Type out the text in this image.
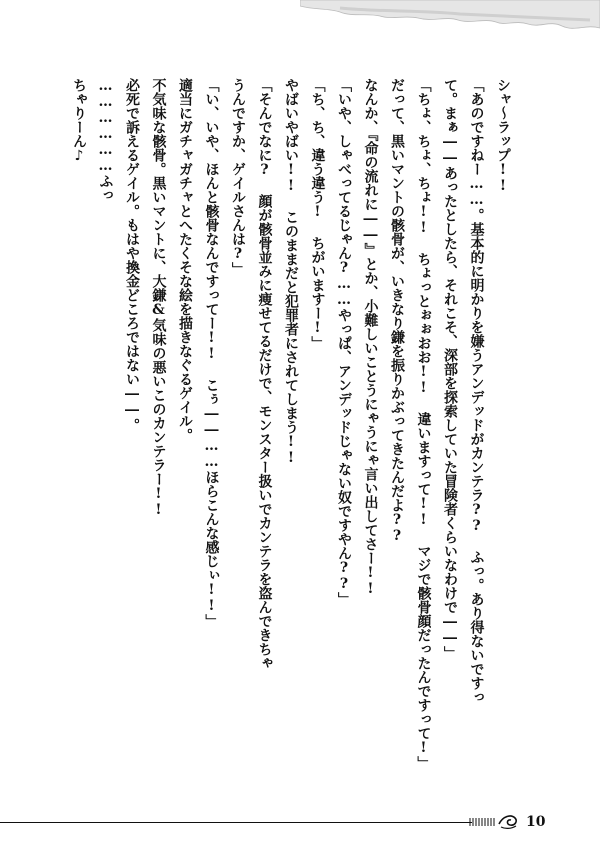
シャ〜ラップ!!
「あのですねー……。基本的に明かりを嫌うアンデッドがカンテラ?? ふっ。あり得ないですっ
て。まぁ――あったとしたら、それこそ、深部を探索していた冒険者くらいなわけで――」
「ちょ、ちょ、ちょ!! ちょっとぉぉおお!! 違いますって!! マジで骸骨顔だったんですって!」
だって、黒いマントの骸骨が、いきなり鎌を振りかぶってきたんだよ??
なんか、『命の流れに――』とか、小難しいことうにゃうにゃ言い出してさー!!
「いや、しゃべってるじゃん?……やっぱ、アンデッドじゃない奴ですやん??」
「ち、ち、違う違う! ちがいますー!」
やばいやばい!! このままだと犯罪者にされてしまう!!
「そんでなに? 顔が骸骨並みに痩せてるだけで、モンスター扱いでカンテラを盗んできちゃ
うんですか、ゲイルさんは?」
「い、いや、ほんと骸骨なんですってー!! こぅ――……ほらこんな感じぃ!!」
適当にガチャガチャとへたくそな絵を描きなぐるゲイル。
不気味な骸骨。黒いマントに、大鎌&気味の悪いこのカンテラー!!
必死で訴えるゲイル。もはや換金どころではない――。
………………ふっ
ちゃりーん♪
10
